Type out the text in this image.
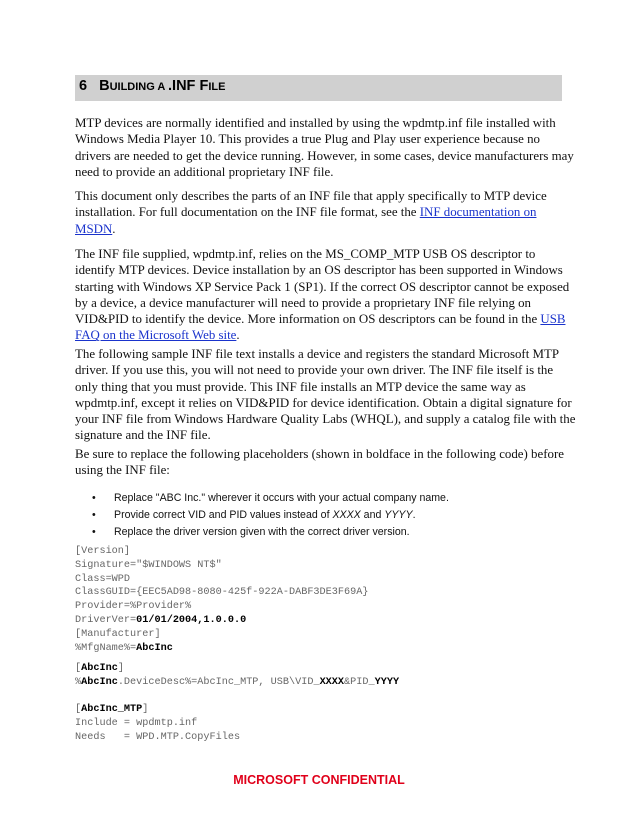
6 BUILDING A .INF FILE
MTP devices are normally identified and installed by using the wpdmtp.inf file installed with
Windows Media Player 10. This provides a true Plug and Play user experience because no
drivers are needed to get the device running. However, in some cases, device manufacturers may
need to provide an additional proprietary INF file.
This document only describes the parts of an INF file that apply specifically to MTP device
installation. For full documentation on the INF file format, see the INF documentation on
MSDN.
The INF file supplied, wpdmtp.inf, relies on the MS_COMP_MTP USB OS descriptor to
identify MTP devices. Device installation by an OS descriptor has been supported in Windows
starting with Windows XP Service Pack 1 (SP1). If the correct OS descriptor cannot be exposed
by a device, a device manufacturer will need to provide a proprietary INF file relying on
VID&PID to identify the device. More information on OS descriptors can be found in the USB
FAQ on the Microsoft Web site.
The following sample INF file text installs a device and registers the standard Microsoft MTP
driver. If you use this, you will not need to provide your own driver. The INF file itself is the
only thing that you must provide. This INF file installs an MTP device the same way as
wpdmtp.inf, except it relies on VID&PID for device identification. Obtain a digital signature for
your INF file from Windows Hardware Quality Labs (WHQL), and supply a catalog file with the
signature and the INF file.
Be sure to replace the following placeholders (shown in boldface in the following code) before
using the INF file:
• Replace "ABC Inc." wherever it occurs with your actual company name.
• Provide correct VID and PID values instead of XXXX and YYYY.
• Replace the driver version given with the correct driver version.
[Version]
Signature="$WINDOWS NT$"
Class=WPD
ClassGUID={EEC5AD98-8080-425f-922A-DABF3DE3F69A}
Provider=%Provider%
DriverVer=01/01/2004,1.0.0.0
[Manufacturer]
%MfgName%=AbcInc
[AbcInc]
%AbcInc.DeviceDesc%=AbcInc_MTP, USB\VID_XXXX&PID_YYYY
[AbcInc_MTP]
Include = wpdmtp.inf
Needs   = WPD.MTP.CopyFiles
MICROSOFT CONFIDENTIAL
